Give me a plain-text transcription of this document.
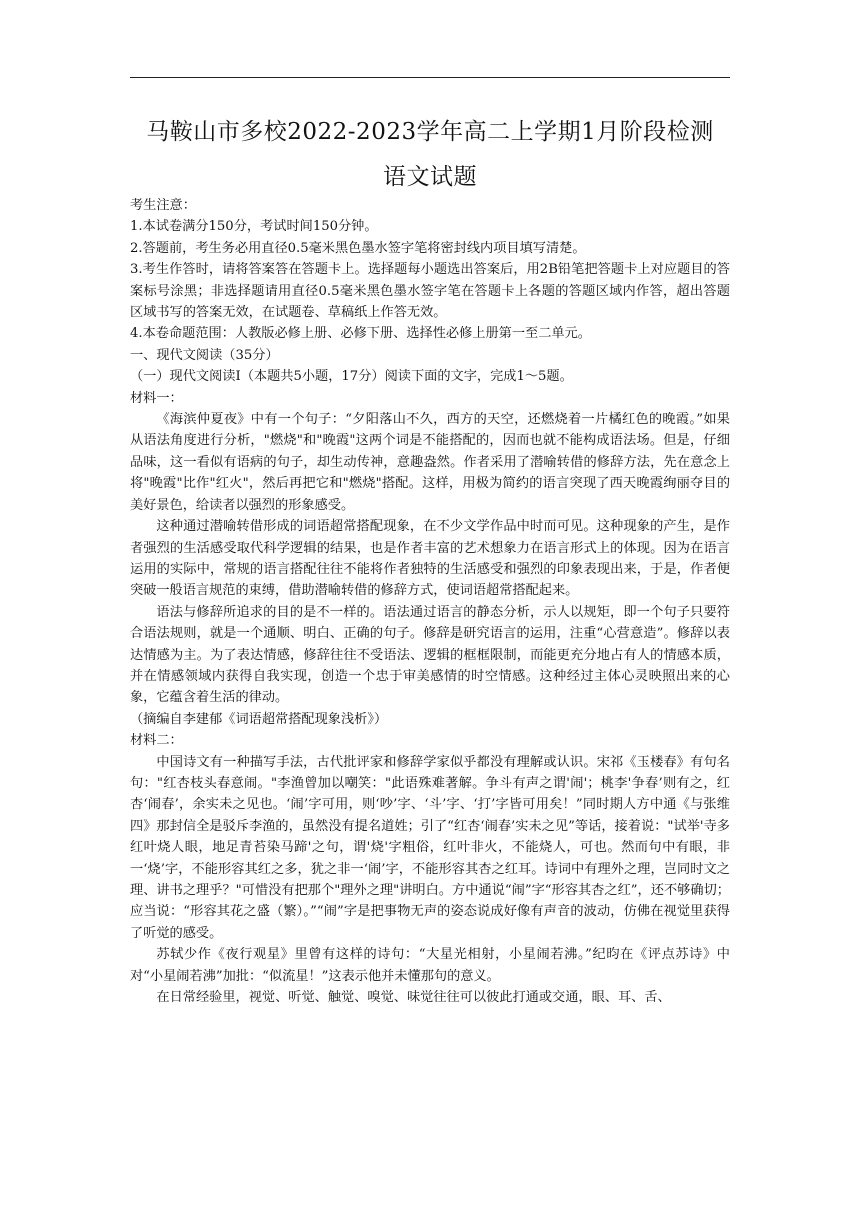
马鞍山市多校2022-2023学年高二上学期1月阶段检测
语文试题

考生注意：

1.本试卷满分150分，考试时间150分钟。

2.答题前，考生务必用直径0.5毫米黑色墨水签字笔将密封线内项目填写清楚。

3.考生作答时，请将答案答在答题卡上。选择题每小题选出答案后，用2B铅笔把答题卡上对应题目的答案标号涂黑；非选择题请用直径0.5毫米黑色墨水签字笔在答题卡上各题的答题区域内作答，超出答题区域书写的答案无效，在试题卷、草稿纸上作答无效。

4.本卷命题范围：人教版必修上册、必修下册、选择性必修上册第一至二单元。

一、现代文阅读（35分）

（一）现代文阅读Ⅰ（本题共5小题，17分）阅读下面的文字，完成1～5题。

材料一：

《海滨仲夏夜》中有一个句子：“夕阳落山不久，西方的天空，还燃烧着一片橘红色的晚霞。”如果从语法角度进行分析，"燃烧"和"晚霞"这两个词是不能搭配的，因而也就不能构成语法场。但是，仔细品味，这一看似有语病的句子，却生动传神，意趣盎然。作者采用了潜喻转借的修辞方法，先在意念上将"晚霞"比作"红火"，然后再把它和"燃烧"搭配。这样，用极为简约的语言突现了西天晚霞绚丽夺目的美好景色，给读者以强烈的形象感受。

这种通过潜喻转借形成的词语超常搭配现象，在不少文学作品中时而可见。这种现象的产生，是作者强烈的生活感受取代科学逻辑的结果，也是作者丰富的艺术想象力在语言形式上的体现。因为在语言运用的实际中，常规的语言搭配往往不能将作者独特的生活感受和强烈的印象表现出来，于是，作者便突破一般语言规范的束缚，借助潜喻转借的修辞方式，使词语超常搭配起来。

语法与修辞所追求的目的是不一样的。语法通过语言的静态分析，示人以规矩，即一个句子只要符合语法规则，就是一个通顺、明白、正确的句子。修辞是研究语言的运用，注重“心营意造”。修辞以表达情感为主。为了表达情感，修辞往往不受语法、逻辑的框框限制，而能更充分地占有人的情感本质，并在情感领域内获得自我实现，创造一个忠于审美感情的时空情感。这种经过主体心灵映照出来的心象，它蕴含着生活的律动。

（摘编自李建郁《词语超常搭配现象浅析》）

材料二：

中国诗文有一种描写手法，古代批评家和修辞学家似乎都没有理解或认识。宋祁《玉楼春》有句名句："红杏枝头春意闹。"李渔曾加以嘲笑："此语殊难著解。争斗有声之谓'闹'；桃李'争春’则有之，红杏‘闹春’，余实未之见也。‘闹’字可用，则‘吵’字、‘斗’字、‘打’字皆可用矣！”同时期人方中通《与张维四》那封信全是驳斥李渔的，虽然没有提名道姓；引了“红杏‘闹春’实未之见”等话，接着说："试举'寺多红叶烧人眼，地足青苔染马蹄'之句，谓'烧'字粗俗，红叶非火，不能烧人，可也。然而句中有眼，非一‘烧’字，不能形容其红之多，犹之非一‘闹’字，不能形容其杏之红耳。诗词中有理外之理，岂同时文之理、讲书之理乎？"可惜没有把那个"理外之理"讲明白。方中通说“闹”字“形容其杏之红”，还不够确切；应当说：“形容其花之盛（繁）。”“闹”字是把事物无声的姿态说成好像有声音的波动，仿佛在视觉里获得了听觉的感受。

苏轼少作《夜行观星》里曾有这样的诗句：“大星光相射，小星闹若沸。”纪昀在《评点苏诗》中对“小星闹若沸”加批：“似流星！”这表示他并未懂那句的意义。

在日常经验里，视觉、听觉、触觉、嗅觉、味觉往往可以彼此打通或交通，眼、耳、舌、
